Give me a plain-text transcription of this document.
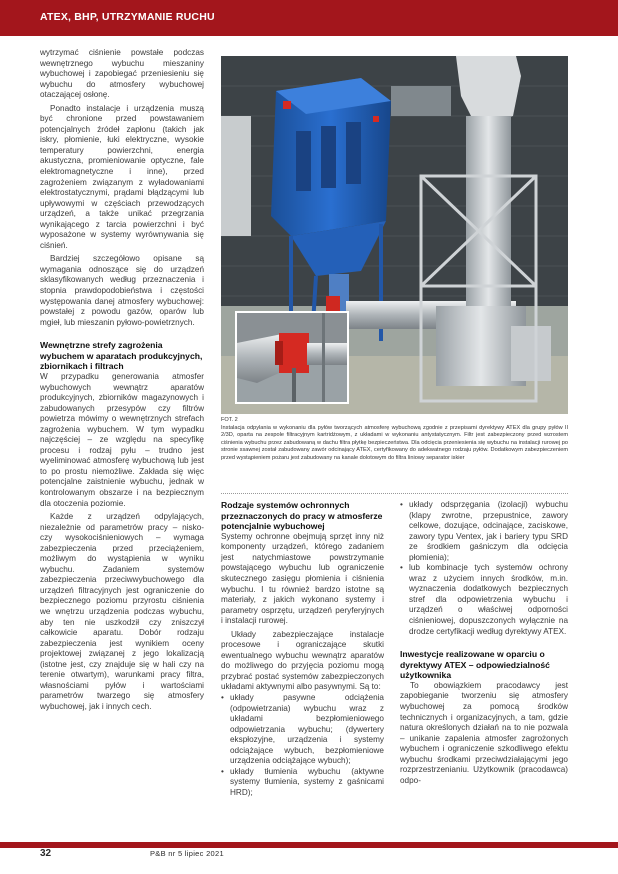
ATEX, BHP, UTRZYMANIE RUCHU

wytrzymać ciśnienie powstałe podczas wewnętrznego wybuchu mieszaniny wybuchowej i zapobiegać przeniesieniu się wybuchu do atmosfery wybuchowej otaczającej osłonę.

Ponadto instalacje i urządzenia muszą być chronione przed powstawaniem potencjalnych źródeł zapłonu (takich jak iskry, płomienie, łuki elektryczne, wysokie temperatury powierzchni, energia akustyczna, promieniowanie optyczne, fale elektromagnetyczne i inne), przed zagrożeniem związanym z wyładowaniami elektrostatycznymi, prądami błądzącymi lub upływowymi w częściach przewodzących urządzeń, a także unikać przegrzania wynikającego z tarcia powierzchni i być wyposażone w systemy wyrównywania się ciśnień.

Bardziej szczegółowo opisane są wymagania odnoszące się do urządzeń sklasyfikowanych według przeznaczenia i stopnia prawdopodobieństwa i częstości występowania danej atmosfery wybuchowej: powstałej z powodu gazów, oparów lub mgieł, lub mieszanin pyłowo-powietrznych.

Wewnętrzne strefy zagrożenia wybuchem w aparatach produkcyjnych, zbiornikach i filtrach

W przypadku generowania atmosfer wybuchowych wewnątrz aparatów produkcyjnych, zbiorników magazynowych i zabudowanych przesypów czy filtrów powietrza mówimy o wewnętrznych strefach zagrożenia wybuchem. W tym wypadku najczęściej – ze względu na specyfikę procesu i rodzaj pyłu – trudno jest wyeliminować atmosferę wybuchową lub jest to po prostu niemożliwe. Zakłada się więc potencjalne zaistnienie wybuchu, jednak w kontrolowanym obszarze i na bezpiecznym dla otoczenia poziomie.

Każde z urządzeń odpylających, niezależnie od parametrów pracy – nisko- czy wysokociśnieniowych – wymaga zabezpieczenia przed przeciążeniem, możliwym do wystąpienia w wyniku wybuchu. Zadaniem systemów zabezpieczenia przeciwwybuchowego dla urządzeń filtracyjnych jest ograniczenie do bezpiecznego poziomu przyrostu ciśnienia we wnętrzu urządzenia podczas wybuchu, aby ten nie uszkodził czy zniszczył całkowicie aparatu. Dobór rodzaju zabezpieczenia jest wynikiem oceny projektowej związanej z jego lokalizacją (istotne jest, czy znajduje się w hali czy na terenie otwartym), warunkami pracy filtra, własnościami pyłów i wartościami parametrów twarzego się atmosfery wybuchowej, jak i innych cech.

FOT. 2
Instalacja odpylania w wykonaniu dla pyłów tworzących atmosferę wybuchową zgodnie z przepisami dyrektywy ATEX dla grupy pyłów II 2/3D, oparta na zespole filtracyjnym kartridżowym, z układami w wykonaniu antystatycznym. Filtr jest zabezpieczony przed wzrostem ciśnienia wybuchu przez zabudowaną w dachu filtra płytkę bezpieczeństwa. Dla odcięcia przeniesienia się wybuchu na instalacji rurowej po stronie ssawnej został zabudowany zawór odcinający ATEX, certyfikowany do adekwatnego rodzaju pyłów. Dodatkowym zabezpieczeniem przed wystąpieniem pożaru jest zabudowany na kanale dolotowym do filtra liniowy separator iskier
Rodzaje systemów ochronnych przeznaczonych do pracy w atmosferze potencjalnie wybuchowej

Systemy ochronne obejmują sprzęt inny niż komponenty urządzeń, którego zadaniem jest natychmiastowe powstrzymanie powstającego wybuchu lub ograniczenie skutecznego zasięgu płomienia i ciśnienia wybuchu. I tu również bardzo istotne są materiały, z jakich wykonano systemy i parametry osprzętu, urządzeń peryferyjnych i instalacji rurowej.

Układy zabezpieczające instalacje procesowe i ograniczające skutki ewentualnego wybuchu wewnątrz aparatów do możliwego do przyjęcia poziomu mogą przybrać postać systemów zabezpieczonych układami aktywnymi albo pasywnymi. Są to:

• układy pasywne odciążenia (odpowietrzania) wybuchu wraz z układami bezpłomieniowego odpowietrzania wybuchu; (dywertery ekspłozyjne, urządzenia i systemy odciążające wybuch, bezpłomieniowe urządzenia odciążające wybuch);
• układy tłumienia wybuchu (aktywne systemy tłumienia, systemy z gaśnicami HRD);
• układy odsprzęgania (izolacji) wybuchu (klapy zwrotne, przepustnice, zawory celkowe, dozujące, odcinające, zaciskowe, zawory typu Ventex, jak i bariery typu SRD ze środkiem gaśniczym dla odcięcia płomienia);
• lub kombinacje tych systemów ochrony wraz z użyciem innych środków, m.in. wyznaczenia dodatkowych bezpiecznych stref dla odpowietrzenia wybuchu i urządzeń o właściwej odporności ciśnieniowej, dopuszczonych wyłącznie na drodze certyfikacji według dyrektywy ATEX.
Inwestycje realizowane w oparciu o dyrektywy ATEX – odpowiedzialność użytkownika

To obowiązkiem pracodawcy jest zapobieganie tworzeniu się atmosfery wybuchowej za pomocą środków technicznych i organizacyjnych, a tam, gdzie natura określonych działań na to nie pozwala – unikanie zapalenia atmosfer zagrożonych wybuchem i ograniczenie szkodliwego efektu wybuchu środkami przeciwdziałającymi jego rozprzestrzenianiu. Użytkownik (pracodawca) odpo-

32	P&B nr 5 lipiec 2021
